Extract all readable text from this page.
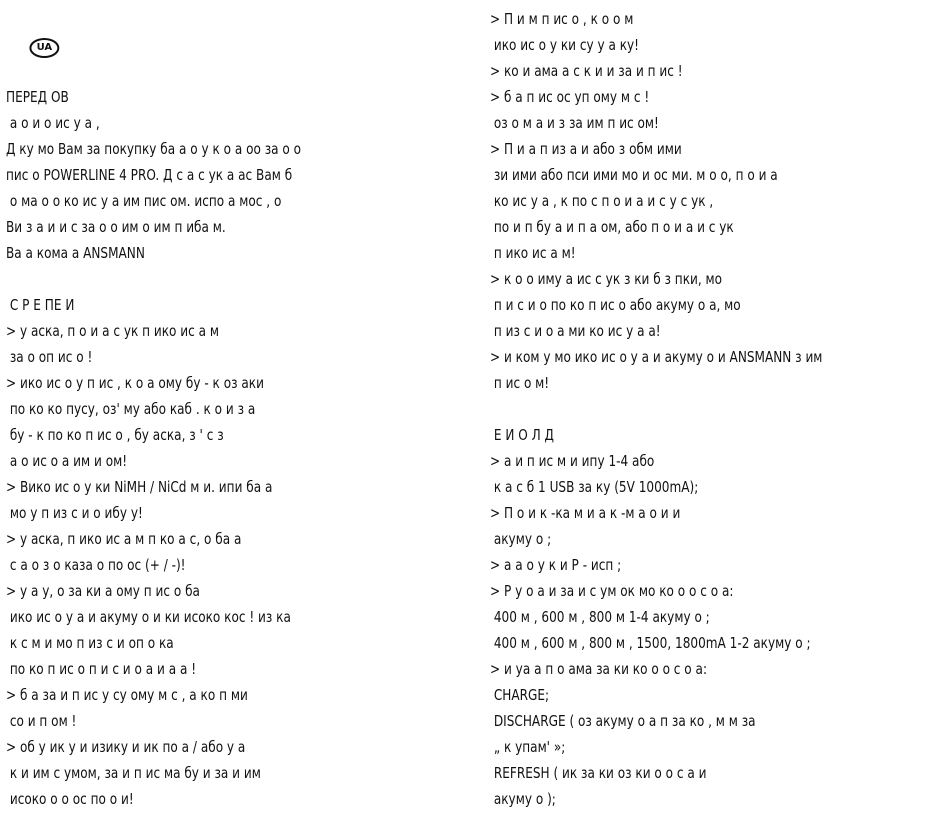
UA

ПЕРЕД ОВ
а о и о ис у а ,
Д ку мо Вам за покупку ба а о у к о а оо за о о
пис о POWERLINE 4 PRO. Д с а с ук а ас Вам б
о ма о о ко ис у а им пис ом. испо а мос , о
Ви з а и и с за о о им о им п иба м.
Ва а кома а ANSMANN
С Р Е ПЕ И
> у аска, п о и а с ук п ико ис а м
за о оп ис о !
> ико ис о у п ис , к о а ому бу - к оз аки
по ко ко пусу, оз' му або каб . к о и з а
бу - к по ко п ис о , бу аска, з ' с з
а о ис о а им и ом!
> Вико ис о у ки NiMH / NiCd м и. ипи ба а
мо у п из с и о ибу у!
> у аска, п ико ис а м п ко а с, о ба а
с а о з о каза о по ос (+ / -)!
> у а у, о за ки а ому п ис о ба
ико ис о у а и акуму о и ки исоко кос ! из ка
к с м и мо п из с и оп о ка
по ко п ис о п и с и о а и а а !
> б а за и п ис у су ому м с , а ко п ми
со и п ом !
> об у ик у и изику и ик по а / або у а
к и им с умом, за и п ис ма бу и за и им
исоко о о ос по о и!
> П и м п ис о , к о о м
ико ис о у ки су у а ку!
> ко и ама а с к и и за и п ис !
> б а п ис ос уп ому м с !
оз о м а и з за им п ис ом!
> П и а п из а и або з обм ими
зи ими або пси ими мо и ос ми. м о о, п о и а
ко ис у а , к по с п о и а и с у с ук ,
по и п бу а и п а ом, або п о и а и с ук
п ико ис а м!
> к о о иму а ис с ук з ки б з пки, мо
п и с и о по ко п ис о або акуму о а, мо
п из с и о а ми ко ис у а а!
> и ком у мо ико ис о у а и акуму о и ANSMANN з им
п ис о м!
Е И О Л Д
> а и п ис м и ипу 1-4 або
к а с б 1 USB за ку (5V 1000mA);
> П о и к -ка м и а к -м а о и и
акуму о ;
> а а о у к и Р - исп ;
> Р у о а и за и с ум ок мо ко о о с о а:
400 м , 600 м , 800 м 1-4 акуму о ;
400 м , 600 м , 800 м , 1500, 1800mA 1-2 акуму о ;
> и уа а п о ама за ки ко о о с о а:
CHARGE;
DISCHARGE ( оз акуму о а п за ко , м м за
„ к упам' »;
REFRESH ( ик за ки оз ки о о с а и
акуму о );
